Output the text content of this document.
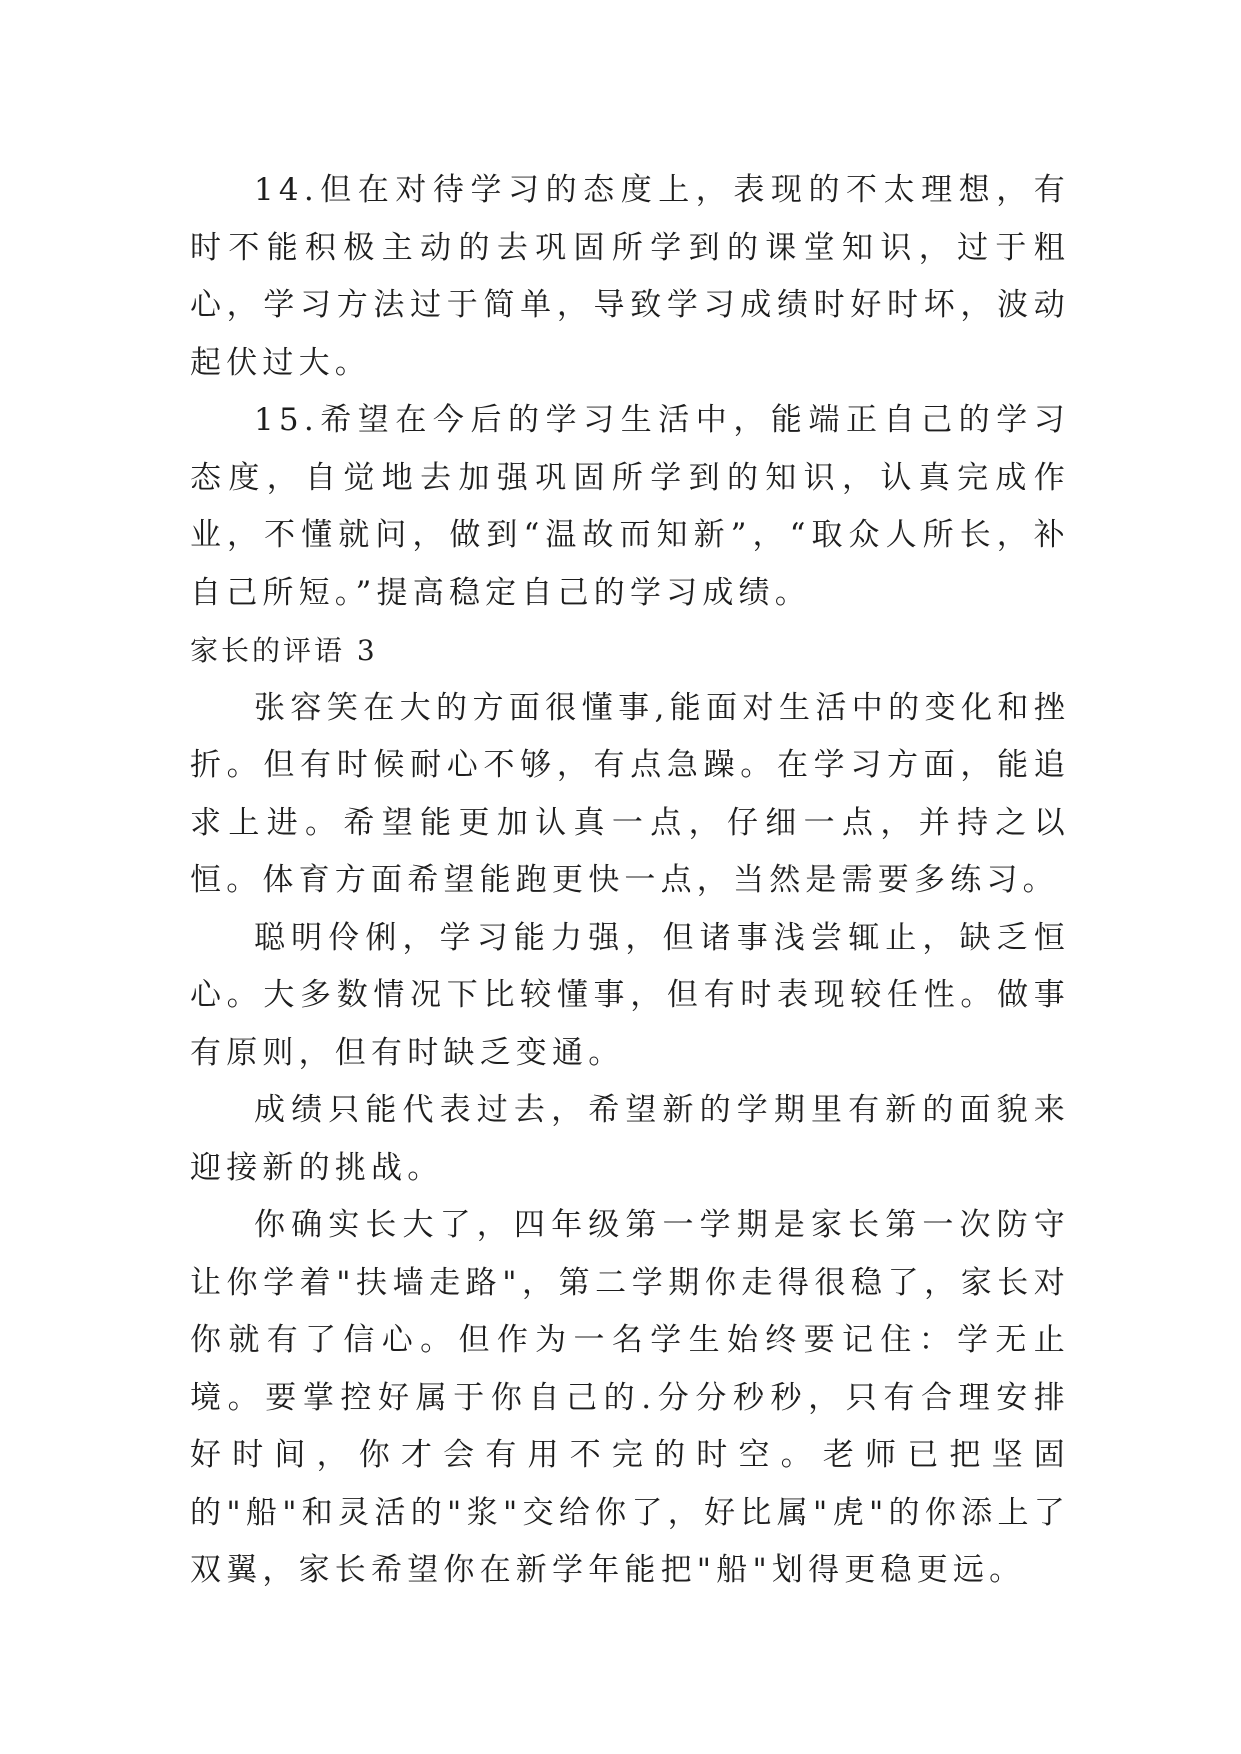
14.但在对待学习的态度上，表现的不太理想，有时不能积极主动的去巩固所学到的课堂知识，过于粗心，学习方法过于简单，导致学习成绩时好时坏，波动起伏过大。

15.希望在今后的学习生活中，能端正自己的学习态度，自觉地去加强巩固所学到的知识，认真完成作业，不懂就问，做到“温故而知新”，“取众人所长，补自己所短。”提高稳定自己的学习成绩。

家长的评语 3

张容笑在大的方面很懂事,能面对生活中的变化和挫折。但有时候耐心不够，有点急躁。在学习方面，能追求上进。希望能更加认真一点，仔细一点，并持之以恒。体育方面希望能跑更快一点，当然是需要多练习。

聪明伶俐，学习能力强，但诸事浅尝辄止，缺乏恒心。大多数情况下比较懂事，但有时表现较任性。做事有原则，但有时缺乏变通。

成绩只能代表过去，希望新的学期里有新的面貌来迎接新的挑战。

你确实长大了，四年级第一学期是家长第一次防守让你学着"扶墙走路"，第二学期你走得很稳了，家长对你就有了信心。但作为一名学生始终要记住：学无止境。要掌控好属于你自己的.分分秒秒，只有合理安排好时间，你才会有用不完的时空。老师已把坚固的"船"和灵活的"浆"交给你了，好比属"虎"的你添上了双翼，家长希望你在新学年能把"船"划得更稳更远。
